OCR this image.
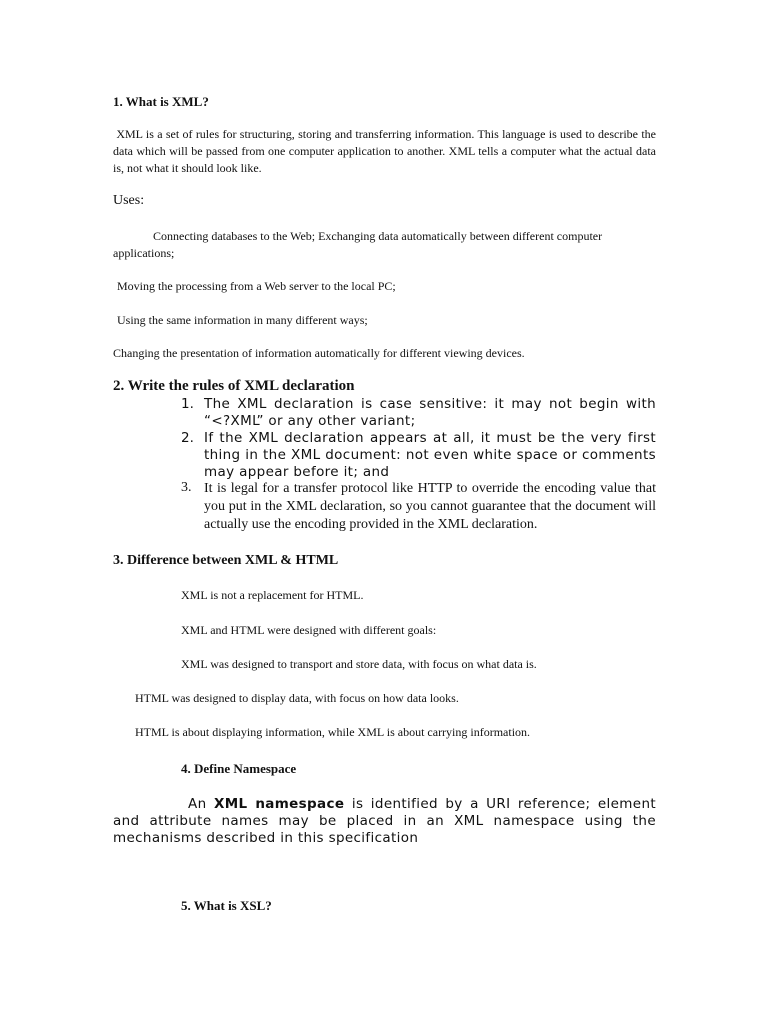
1. What is XML?
XML is a set of rules for structuring, storing and transferring information. This language is used to describe the data which will be passed from one computer application to another. XML tells a computer what the actual data is, not what it should look like.
Uses:
Connecting databases to the Web; Exchanging data automatically between different computer applications;
Moving the processing from a Web server to the local PC;
Using the same information in many different ways;
Changing the presentation of information automatically for different viewing devices.
2. Write the rules of XML declaration
1. The XML declaration is case sensitive: it may not begin with “<?XML” or any other variant;
2. If the XML declaration appears at all, it must be the very first thing in the XML document: not even white space or comments may appear before it; and
3. It is legal for a transfer protocol like HTTP to override the encoding value that you put in the XML declaration, so you cannot guarantee that the document will actually use the encoding provided in the XML declaration.
3. Difference between XML & HTML
XML is not a replacement for HTML.
XML and HTML were designed with different goals:
XML was designed to transport and store data, with focus on what data is.
HTML was designed to display data, with focus on how data looks.
HTML is about displaying information, while XML is about carrying information.
4. Define Namespace
An XML namespace is identified by a URI reference; element and attribute names may be placed in an XML namespace using the mechanisms described in this specification
5. What is XSL?
